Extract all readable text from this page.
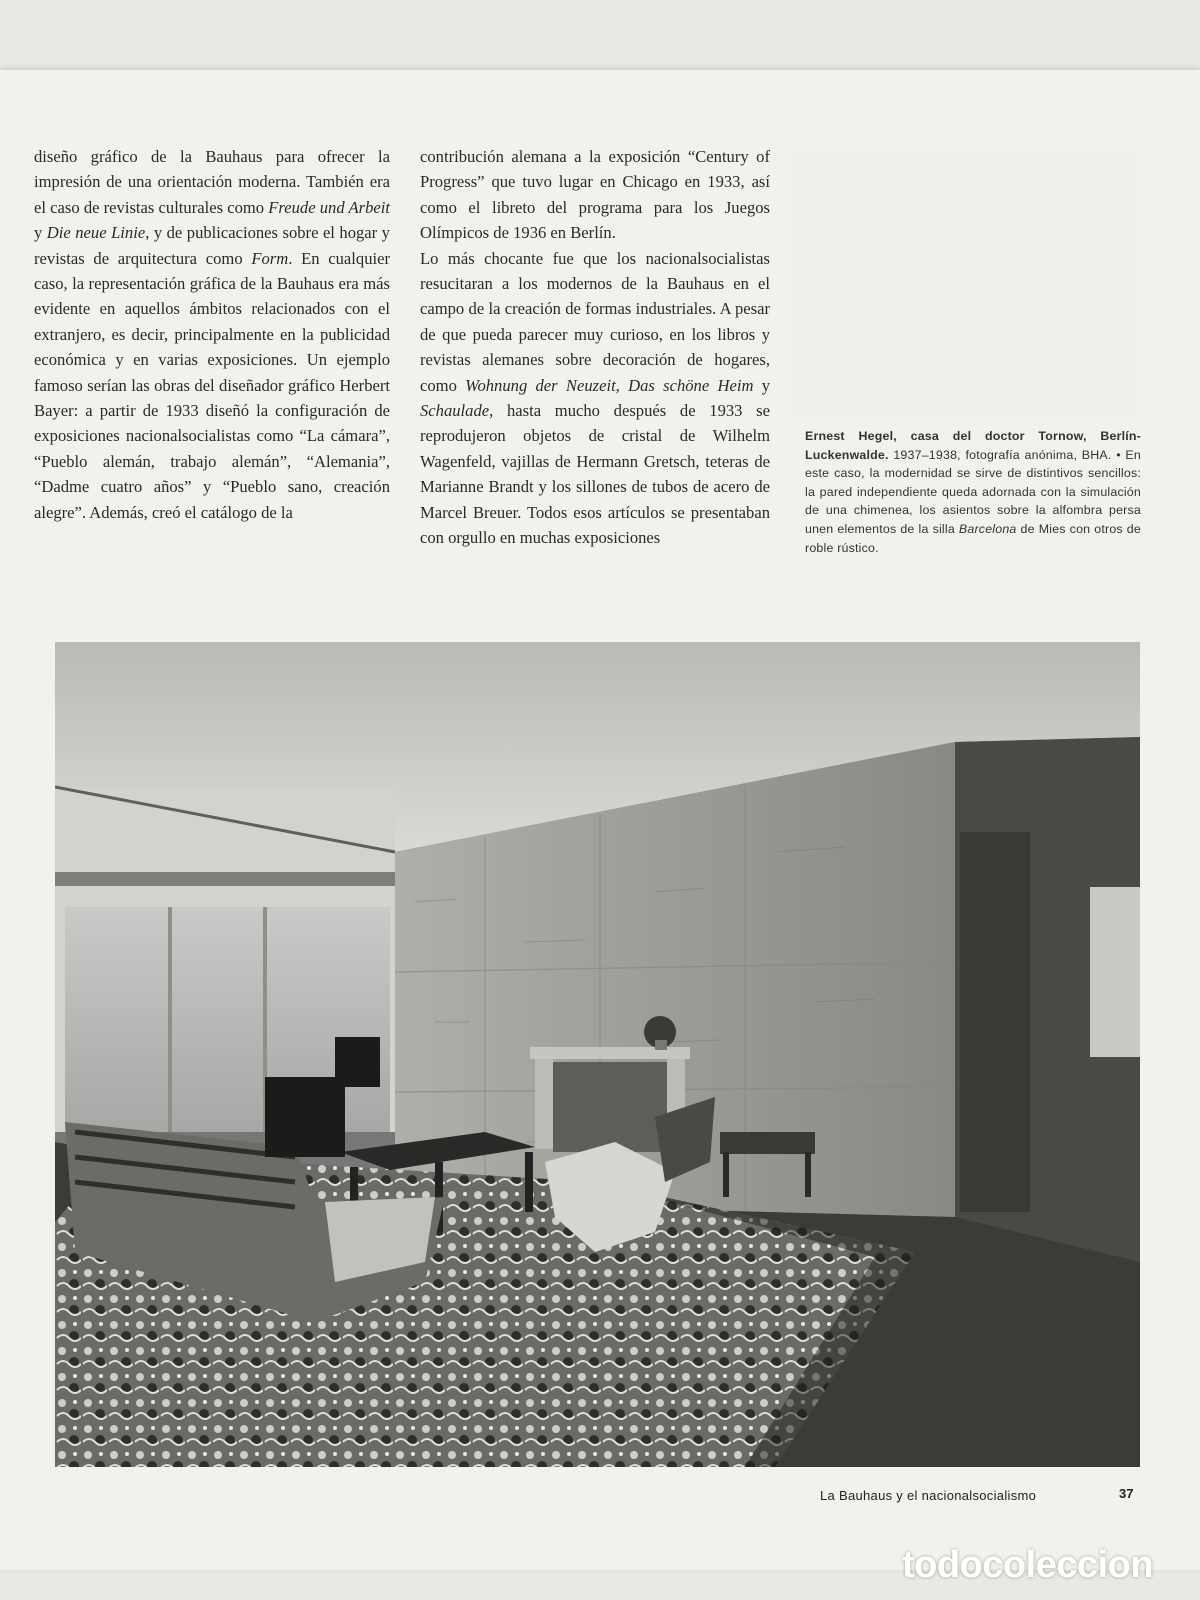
diseño gráfico de la Bauhaus para ofrecer la impresión de una orientación moderna. También era el caso de revistas culturales como Freude und Arbeit y Die neue Linie, y de publicaciones sobre el hogar y revistas de arquitectura como Form. En cualquier caso, la representación gráfica de la Bauhaus era más evidente en aquellos ámbitos relacionados con el extranjero, es decir, principalmente en la publicidad económica y en varias exposiciones. Un ejemplo famoso serían las obras del diseñador gráfico Herbert Bayer: a partir de 1933 diseñó la configuración de exposiciones nacionalsocialistas como “La cámara”, “Pueblo alemán, trabajo alemán”, “Alemania”, “Dadme cuatro años” y “Pueblo sano, creación alegre”. Además, creó el catálogo de la

contribución alemana a la exposición “Century of Progress” que tuvo lugar en Chicago en 1933, así como el libreto del programa para los Juegos Olímpicos de 1936 en Berlín.

Lo más chocante fue que los nacionalsocialistas resucitaran a los modernos de la Bauhaus en el campo de la creación de formas industriales. A pesar de que pueda parecer muy curioso, en los libros y revistas alemanes sobre decoración de hogares, como Wohnung der Neuzeit, Das schöne Heim y Schaulade, hasta mucho después de 1933 se reprodujeron objetos de cristal de Wilhelm Wagenfeld, vajillas de Hermann Gretsch, teteras de Marianne Brandt y los sillones de tubos de acero de Marcel Breuer. Todos esos artículos se presentaban con orgullo en muchas exposiciones

Ernest Hegel, casa del doctor Tornow, Berlín-Luckenwalde. 1937–1938, fotografía anónima, BHA. • En este caso, la modernidad se sirve de distintivos sencillos: la pared independiente queda adornada con la simulación de una chimenea, los asientos sobre la alfombra persa unen elementos de la silla Barcelona de Mies con otros de roble rústico.
La Bauhaus y el nacionalsocialismo	37
todocoleccion
